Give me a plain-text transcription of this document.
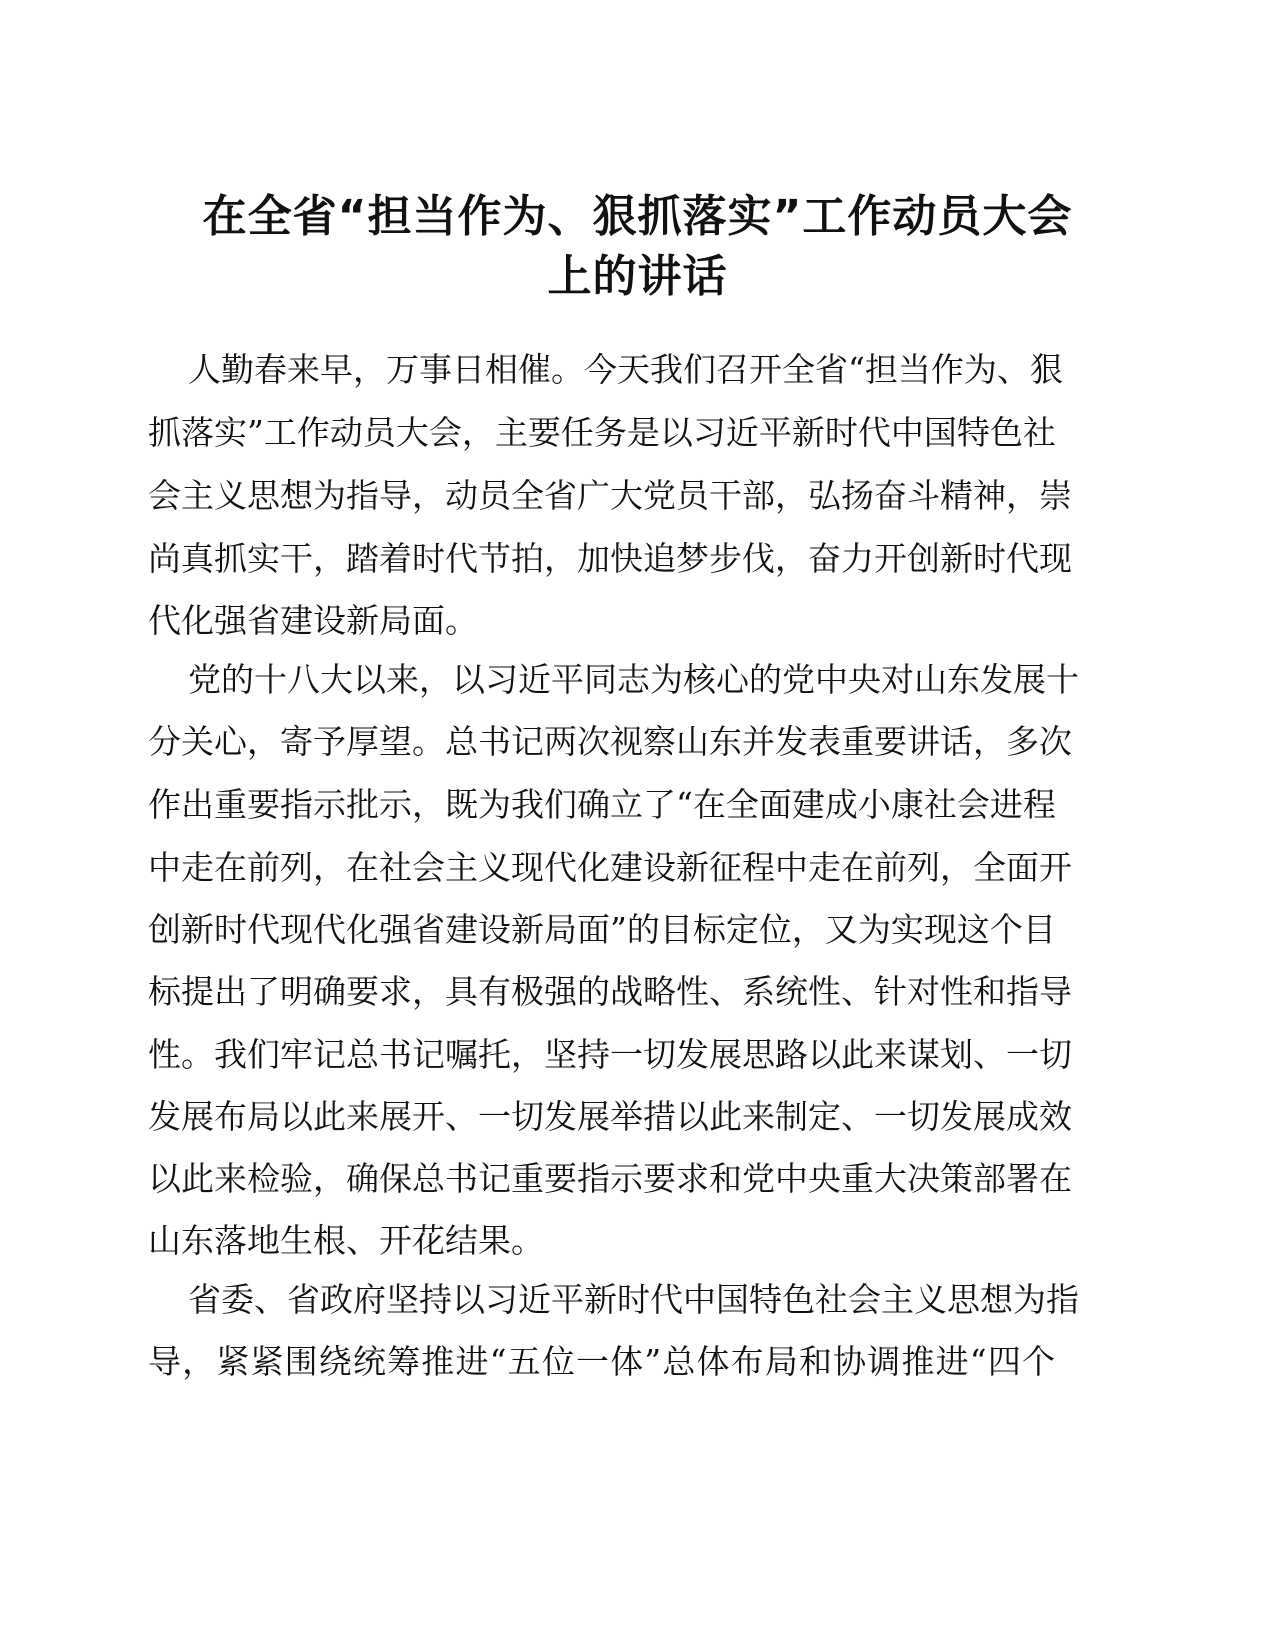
在全省“担当作为、狠抓落实”工作动员大会
上的讲话

人勤春来早，万事日相催。今天我们召开全省“担当作为、狠

抓落实”工作动员大会，主要任务是以习近平新时代中国特色社

会主义思想为指导，动员全省广大党员干部，弘扬奋斗精神，崇

尚真抓实干，踏着时代节拍，加快追梦步伐，奋力开创新时代现

代化强省建设新局面。

党的十八大以来，以习近平同志为核心的党中央对山东发展十

分关心，寄予厚望。总书记两次视察山东并发表重要讲话，多次

作出重要指示批示，既为我们确立了“在全面建成小康社会进程

中走在前列，在社会主义现代化建设新征程中走在前列，全面开

创新时代现代化强省建设新局面”的目标定位，又为实现这个目

标提出了明确要求，具有极强的战略性、系统性、针对性和指导

性。我们牢记总书记嘱托，坚持一切发展思路以此来谋划、一切

发展布局以此来展开、一切发展举措以此来制定、一切发展成效

以此来检验，确保总书记重要指示要求和党中央重大决策部署在

山东落地生根、开花结果。

省委、省政府坚持以习近平新时代中国特色社会主义思想为指

导，紧紧围绕统筹推进“五位一体”总体布局和协调推进“四个
